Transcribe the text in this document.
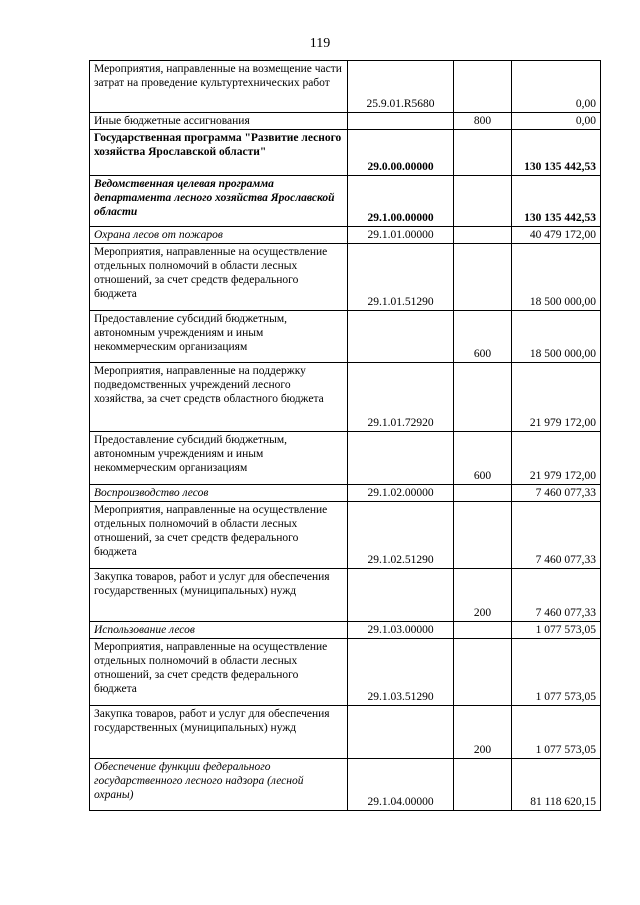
119
Мероприятия, направленные на возмещение части затрат на проведение культуртехнических работ	25.9.01.R5680		0,00
Иные бюджетные ассигнования		800	0,00
Государственная программа "Развитие лесного хозяйства Ярославской области"	29.0.00.00000		130 135 442,53
Ведомственная целевая программа департамента лесного хозяйства Ярославской области	29.1.00.00000		130 135 442,53
Охрана лесов от пожаров	29.1.01.00000		40 479 172,00
Мероприятия, направленные на осуществление отдельных полномочий в области лесных отношений, за счет средств федерального бюджета	29.1.01.51290		18 500 000,00
Предоставление субсидий бюджетным, автономным учреждениям и иным некоммерческим организациям		600	18 500 000,00
Мероприятия, направленные на поддержку подведомственных учреждений лесного хозяйства, за счет средств областного бюджета	29.1.01.72920		21 979 172,00
Предоставление субсидий бюджетным, автономным учреждениям и иным некоммерческим организациям		600	21 979 172,00
Воспроизводство лесов	29.1.02.00000		7 460 077,33
Мероприятия, направленные на осуществление отдельных полномочий в области лесных отношений, за счет средств федерального бюджета	29.1.02.51290		7 460 077,33
Закупка товаров, работ и услуг для обеспечения государственных (муниципальных) нужд		200	7 460 077,33
Использование лесов	29.1.03.00000		1 077 573,05
Мероприятия, направленные на осуществление отдельных полномочий в области лесных отношений, за счет средств федерального бюджета	29.1.03.51290		1 077 573,05
Закупка товаров, работ и услуг для обеспечения государственных (муниципальных) нужд		200	1 077 573,05
Обеспечение функции федерального государственного лесного надзора (лесной охраны)	29.1.04.00000		81 118 620,15
